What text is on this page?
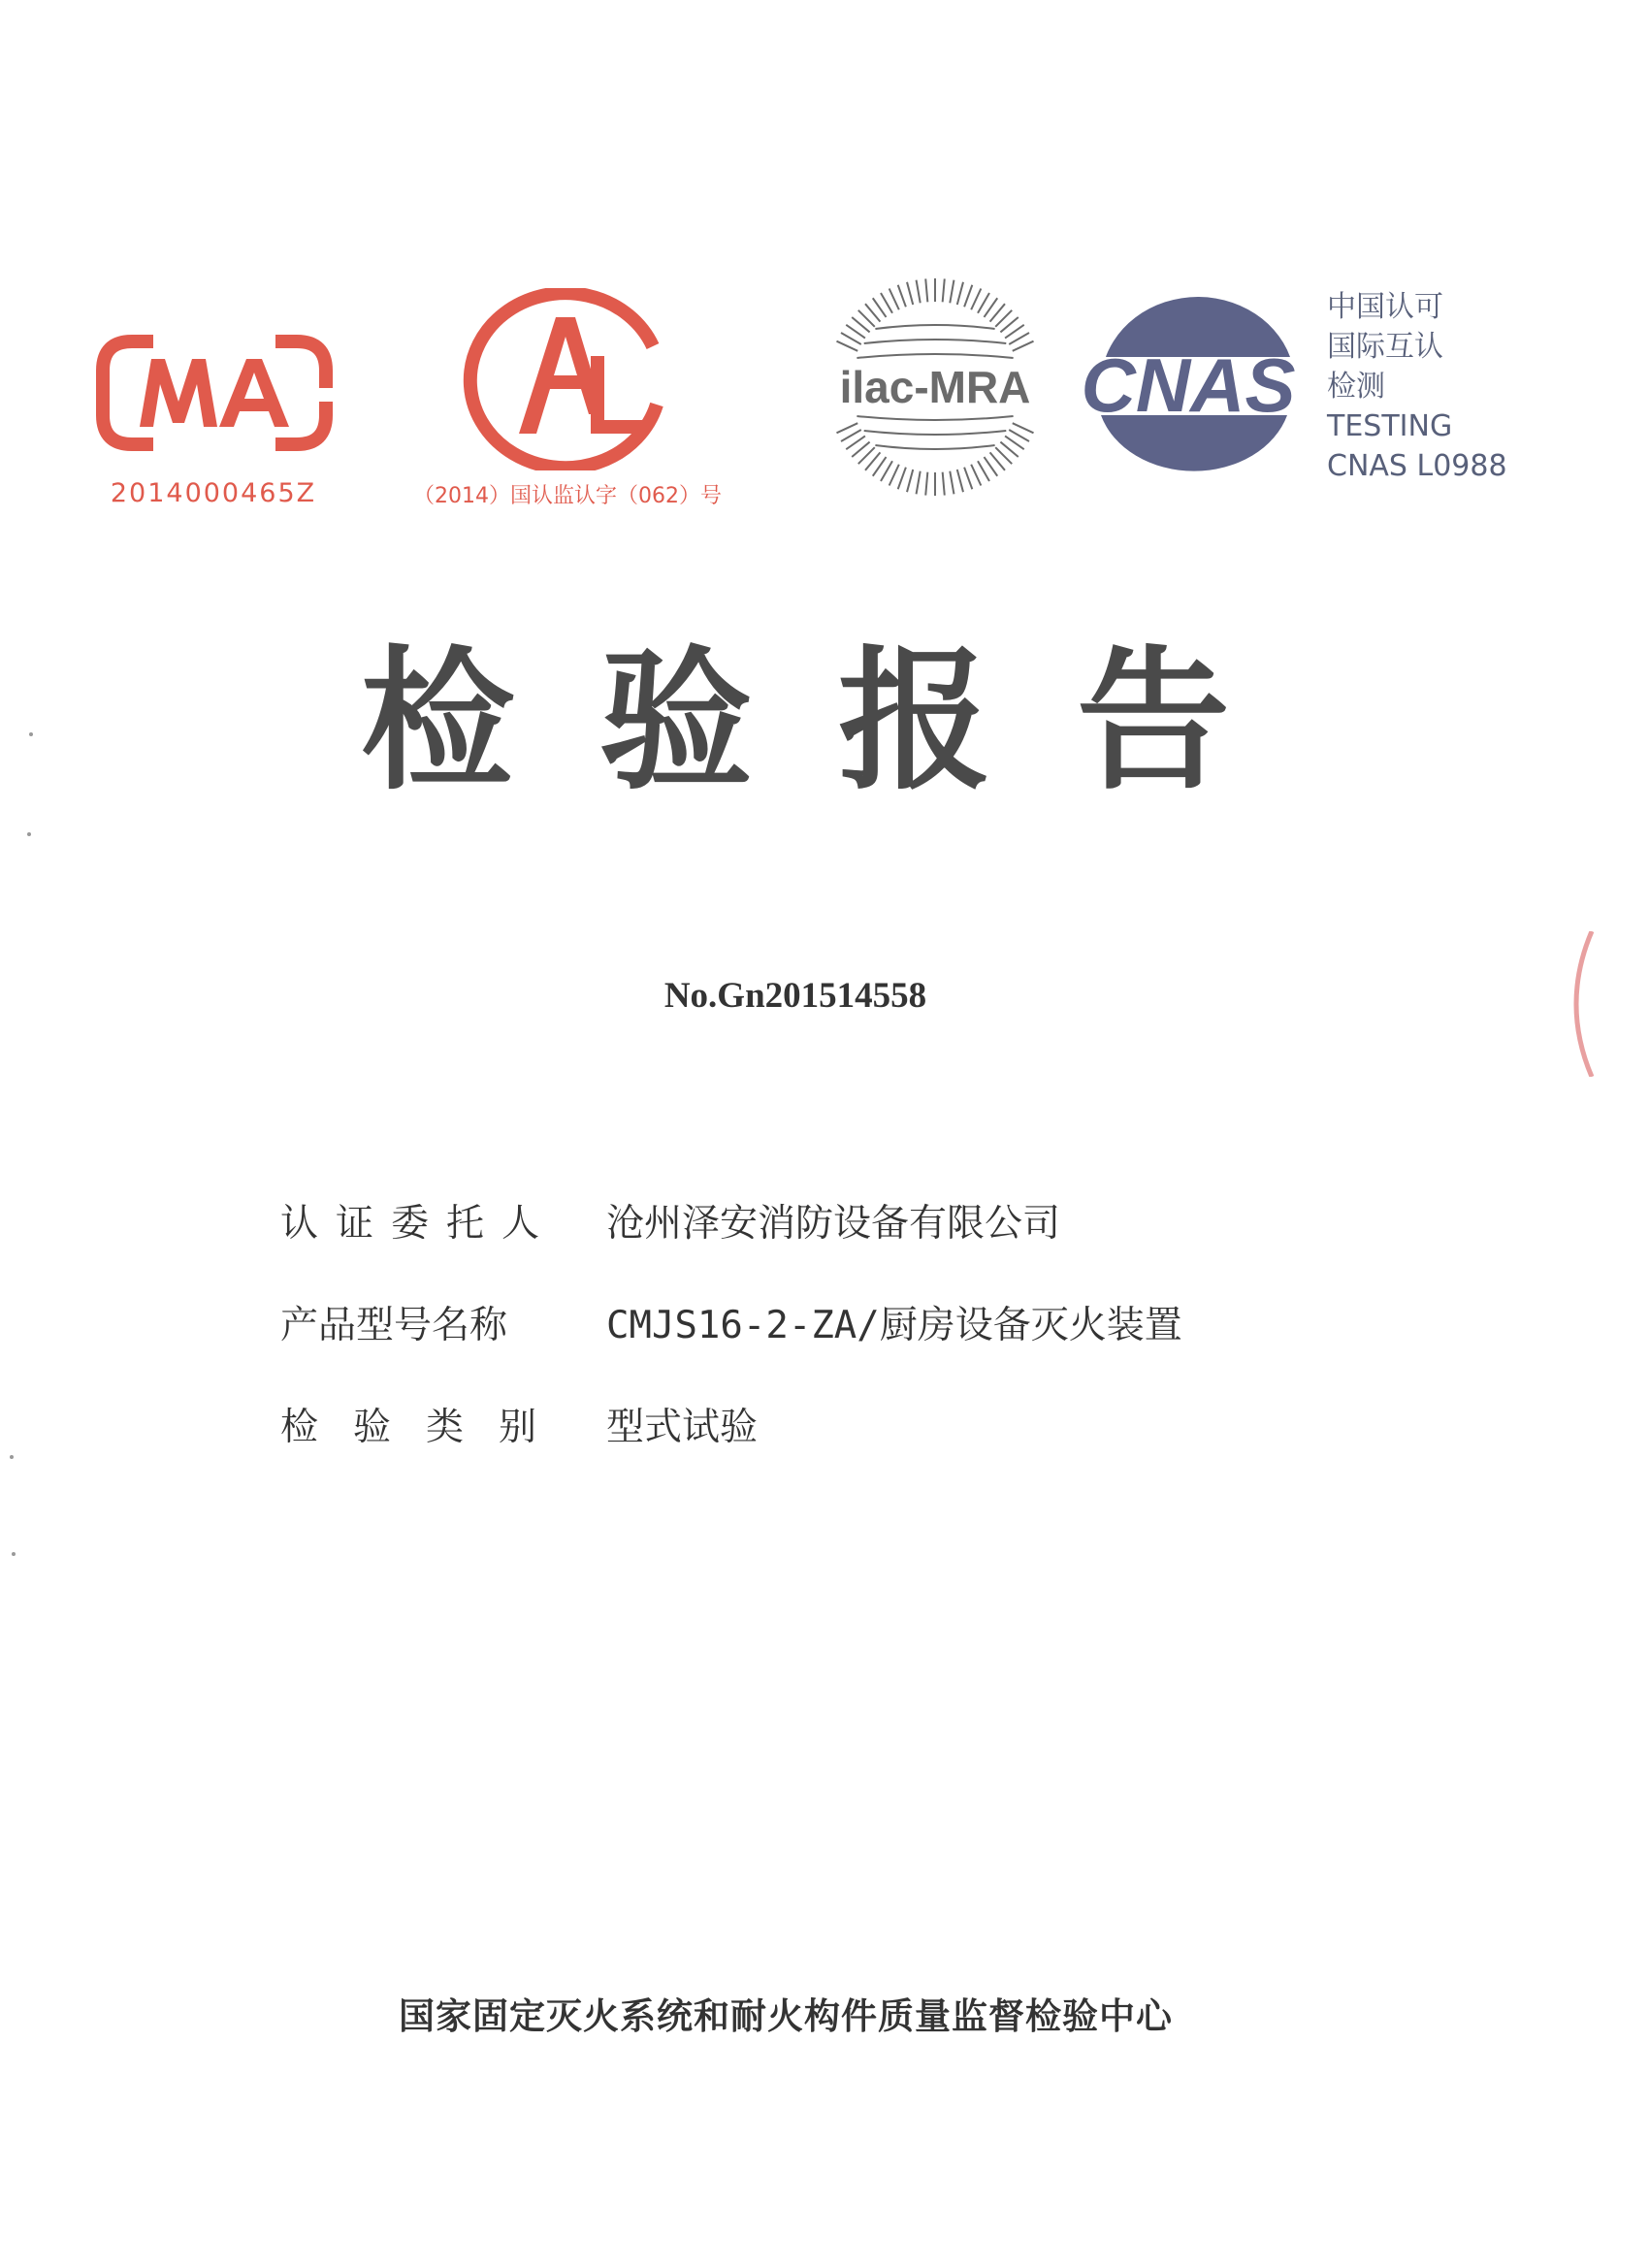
2014000465Z	（2014）国认监认字（062）号
ilac-MRA CNAS
中国认可
国际互认
检测
TESTING
CNAS L0988
检验报告
No.Gn201514558
认证委托人 沧州泽安消防设备有限公司
产品型号名称	CMJS16-2-ZA/厨房设备灭火装置
检验类别 型式试验
国家固定灭火系统和耐火构件质量监督检验中心
